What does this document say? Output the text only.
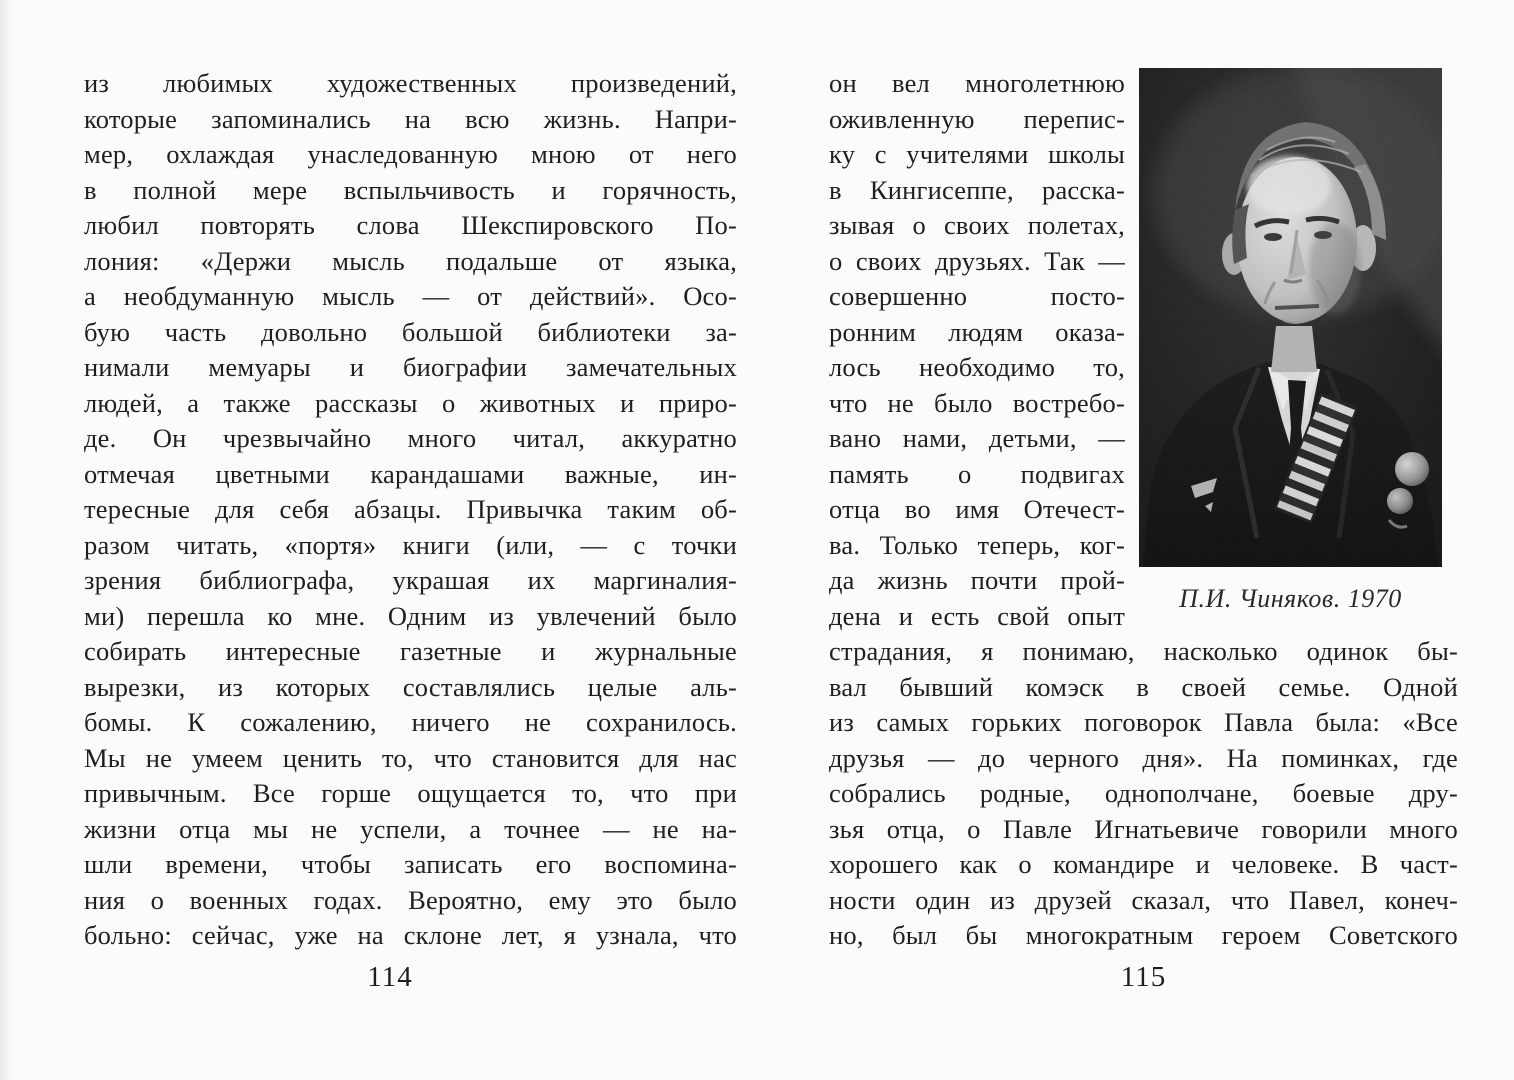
из любимых художественных произведений,
которые запоминались на всю жизнь. Напри-
мер, охлаждая унаследованную мною от него
в полной мере вспыльчивость и горячность,
любил повторять слова Шекспировского По-
лония: «Держи мысль подальше от языка,
а необдуманную мысль — от действий». Осо-
бую часть довольно большой библиотеки за-
нимали мемуары и биографии замечательных
людей, а также рассказы о животных и приро-
де. Он чрезвычайно много читал, аккуратно
отмечая цветными карандашами важные, ин-
тересные для себя абзацы. Привычка таким об-
разом читать, «портя» книги (или, — с точки
зрения библиографа, украшая их маргиналия-
ми) перешла ко мне. Одним из увлечений было
собирать интересные газетные и журнальные
вырезки, из которых составлялись целые аль-
бомы. К сожалению, ничего не сохранилось.
Мы не умеем ценить то, что становится для нас
привычным. Все горше ощущается то, что при
жизни отца мы не успели, а точнее — не на-
шли времени, чтобы записать его воспомина-
ния о военных годах. Вероятно, ему это было
больно: сейчас, уже на склоне лет, я узнала, что
114
он вел многолетнюю
оживленную перепис-
ку с учителями школы
в Кингисеппе, расска-
зывая о своих полетах,
о своих друзьях. Так —
совершенно посто-
ронним людям оказа-
лось необходимо то,
что не было востребо-
вано нами, детьми, —
память о подвигах
отца во имя Отечест-
ва. Только теперь, ког-
да жизнь почти прой-
дена и есть свой опыт
страдания, я понимаю, насколько одинок бы-
вал бывший комэск в своей семье. Одной
из самых горьких поговорок Павла была: «Все
друзья — до черного дня». На поминках, где
собрались родные, однополчане, боевые дру-
зья отца, о Павле Игнатьевиче говорили много
хорошего как о командире и человеке. В част-
ности один из друзей сказал, что Павел, конеч-
но, был бы многократным героем Советского
115
П.И. Чиняков. 1970
